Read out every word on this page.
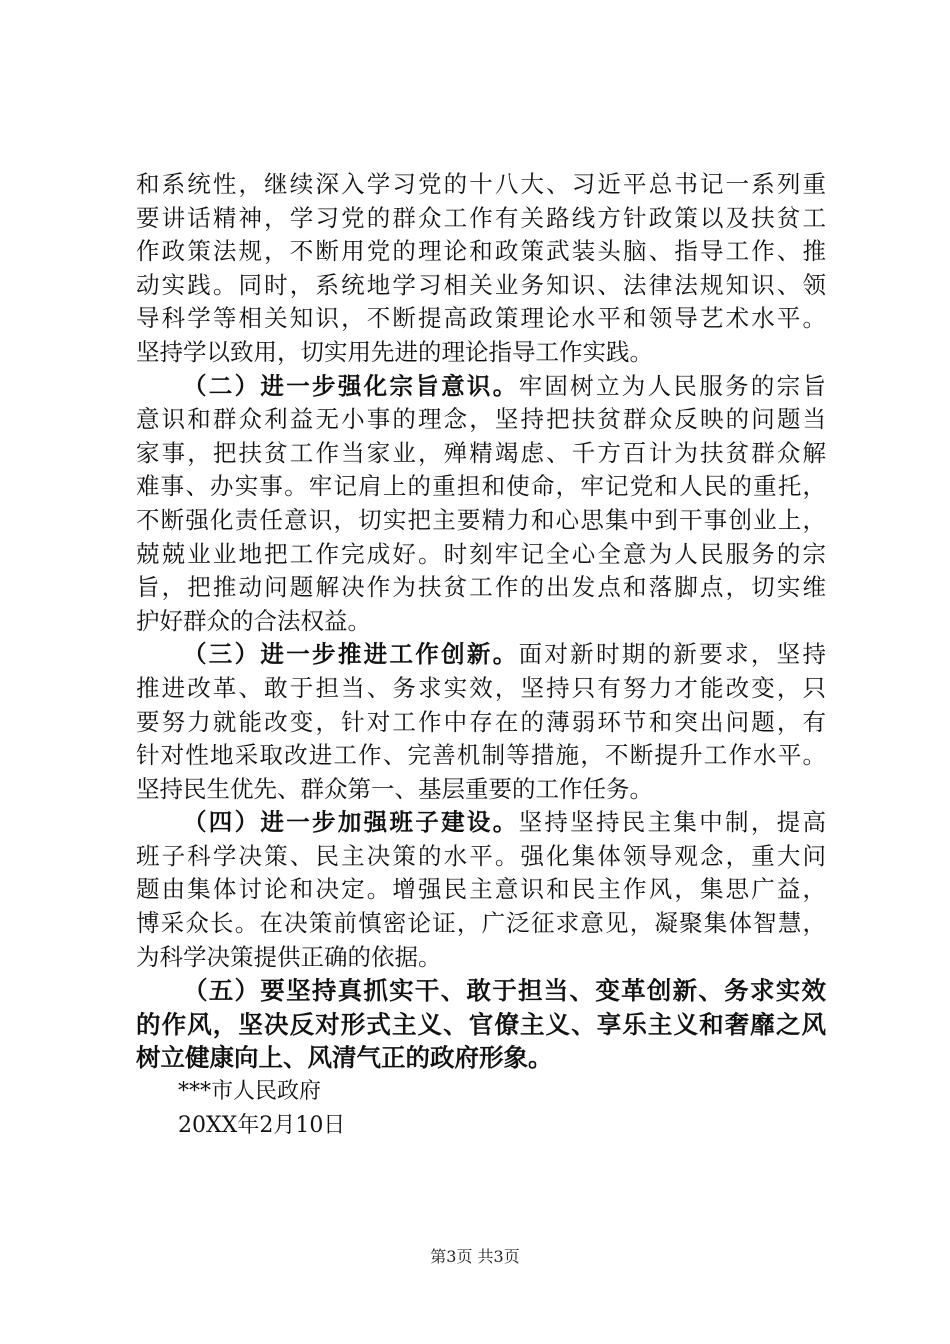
和系统性，继续深入学习党的十八大、习近平总书记一系列重
要讲话精神，学习党的群众工作有关路线方针政策以及扶贫工
作政策法规，不断用党的理论和政策武装头脑、指导工作、推
动实践。同时，系统地学习相关业务知识、法律法规知识、领
导科学等相关知识，不断提高政策理论水平和领导艺术水平。
坚持学以致用，切实用先进的理论指导工作实践。
（二）进一步强化宗旨意识。牢固树立为人民服务的宗旨
意识和群众利益无小事的理念，坚持把扶贫群众反映的问题当
家事，把扶贫工作当家业，殚精竭虑、千方百计为扶贫群众解
难事、办实事。牢记肩上的重担和使命，牢记党和人民的重托，
不断强化责任意识，切实把主要精力和心思集中到干事创业上，
兢兢业业地把工作完成好。时刻牢记全心全意为人民服务的宗
旨，把推动问题解决作为扶贫工作的出发点和落脚点，切实维
护好群众的合法权益。
（三）进一步推进工作创新。面对新时期的新要求，坚持
推进改革、敢于担当、务求实效，坚持只有努力才能改变，只
要努力就能改变，针对工作中存在的薄弱环节和突出问题，有
针对性地采取改进工作、完善机制等措施，不断提升工作水平。
坚持民生优先、群众第一、基层重要的工作任务。
（四）进一步加强班子建设。坚持坚持民主集中制，提高
班子科学决策、民主决策的水平。强化集体领导观念，重大问
题由集体讨论和决定。增强民主意识和民主作风，集思广益，
博采众长。在决策前慎密论证，广泛征求意见，凝聚集体智慧，
为科学决策提供正确的依据。
（五）要坚持真抓实干、敢于担当、变革创新、务求实效
的作风，坚决反对形式主义、官僚主义、享乐主义和奢靡之风
树立健康向上、风清气正的政府形象。
***市人民政府
20XX年2月10日
第3页 共3页
